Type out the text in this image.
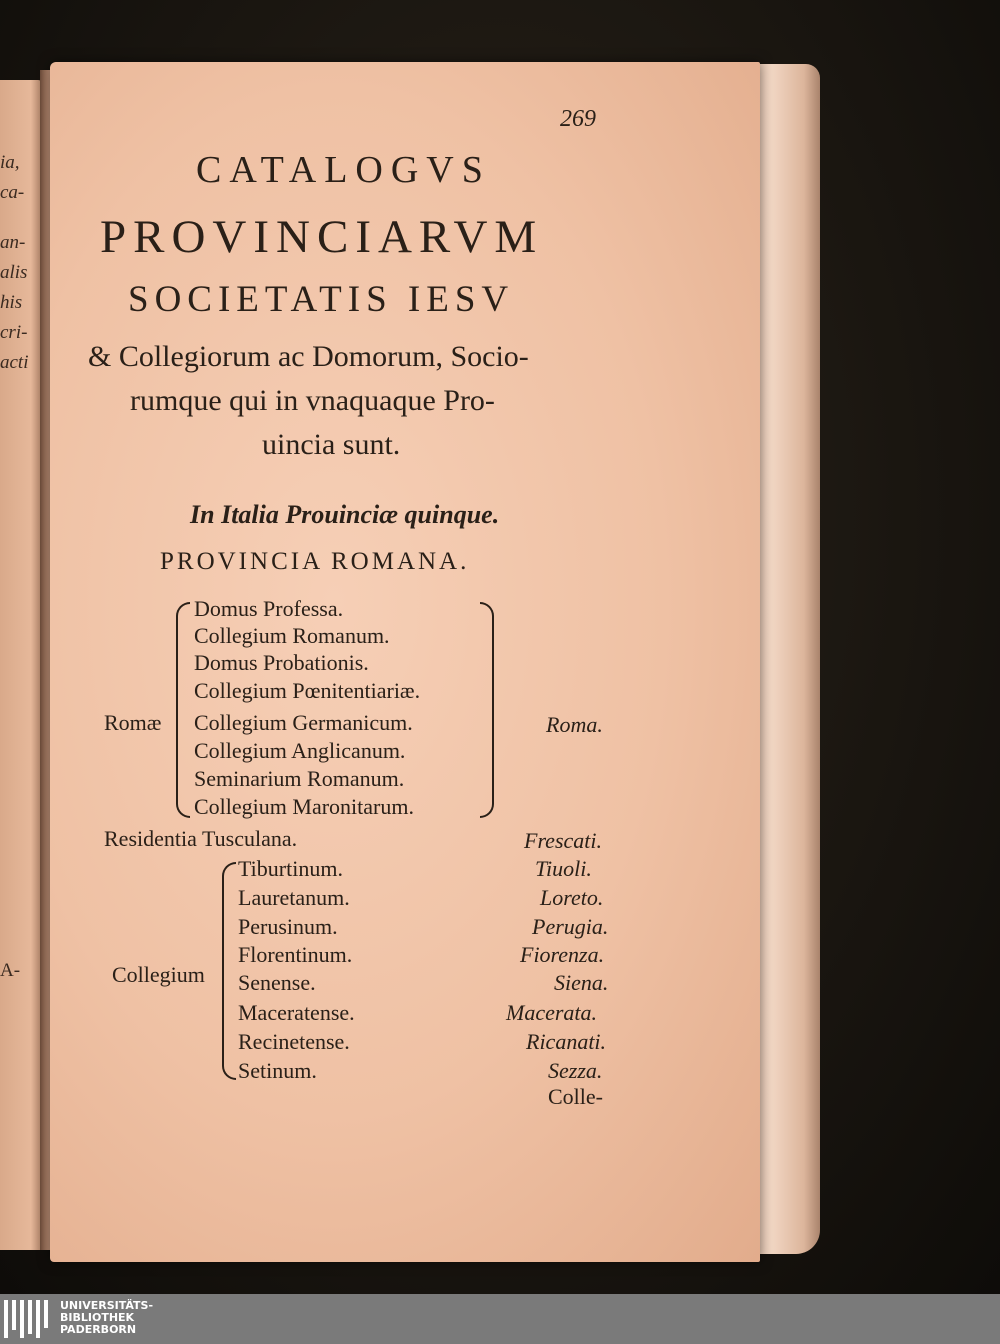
ia,
ca-
an-
alis
his
cri-
acti
A-
269
CATALOGVS
PROVINCIARVM
SOCIETATIS IESV
& Collegiorum ac Domorum, Socio-
rumque qui in vnaquaque Pro-
uincia sunt.
In Italia Prouinciæ quinque.
PROVINCIA ROMANA.
Romæ
Domus Professa.
Collegium Romanum.
Domus Probationis.
Collegium Pœnitentiariæ.
Collegium Germanicum.
Collegium Anglicanum.
Seminarium Romanum.
Collegium Maronitarum.
Roma.
Residentia Tusculana.	Frescati.
Collegium
Tiburtinum.
Lauretanum.
Perusinum.
Florentinum.
Senense.
Maceratense.
Recinetense.
Setinum.
Tiuoli.
Loreto.
Perugia.
Fiorenza.
Siena.
Macerata.
Ricanati.
Sezza.
Colle-
UNIVERSITÄTS-
BIBLIOTHEK
PADERBORN
